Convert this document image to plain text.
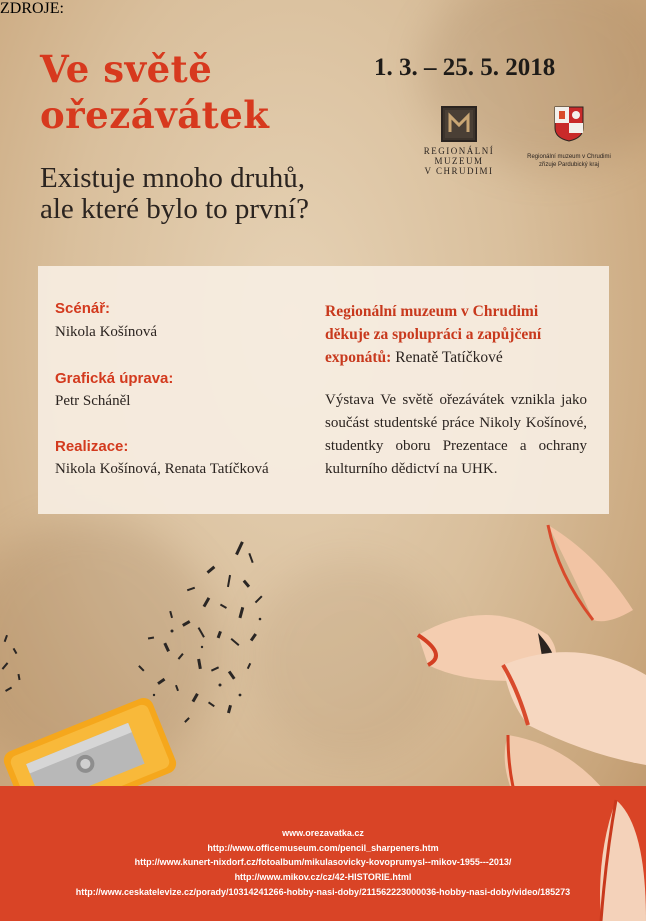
Ve světě
ořezávátek

Existuje mnoho druhů,
ale které bylo to první?

1. 3. – 25. 5. 2018
REGIONÁLNÍ
MUZEUM
V CHRUDIMI
Regionální muzeum v Chrudimi
zřizuje Pardubický kraj
Scénář:
Nikola Košínová
Grafická úprava:
Petr Scháněl
Realizace:
Nikola Košínová, Renata Tatíčková
Regionální muzeum v Chrudimi
děkuje za spolupráci a zapůjčení
exponátů: Renatě Tatíčkové
Výstava Ve světě ořezávátek vznikla jako součást studentské práce Nikoly Košínové, studentky oboru Prezentace a ochrany kulturního dědictví na UHK.
ZDROJE:
www.orezavatka.cz
http://www.officemuseum.com/pencil_sharpeners.htm
http://www.kunert-nixdorf.cz/fotoalbum/mikulasovicky-kovoprumysl--mikov-1955---2013/
http://www.mikov.cz/cz/42-HISTORIE.html
http://www.ceskatelevize.cz/porady/10314241266-hobby-nasi-doby/211562223000036-hobby-nasi-doby/video/185273
